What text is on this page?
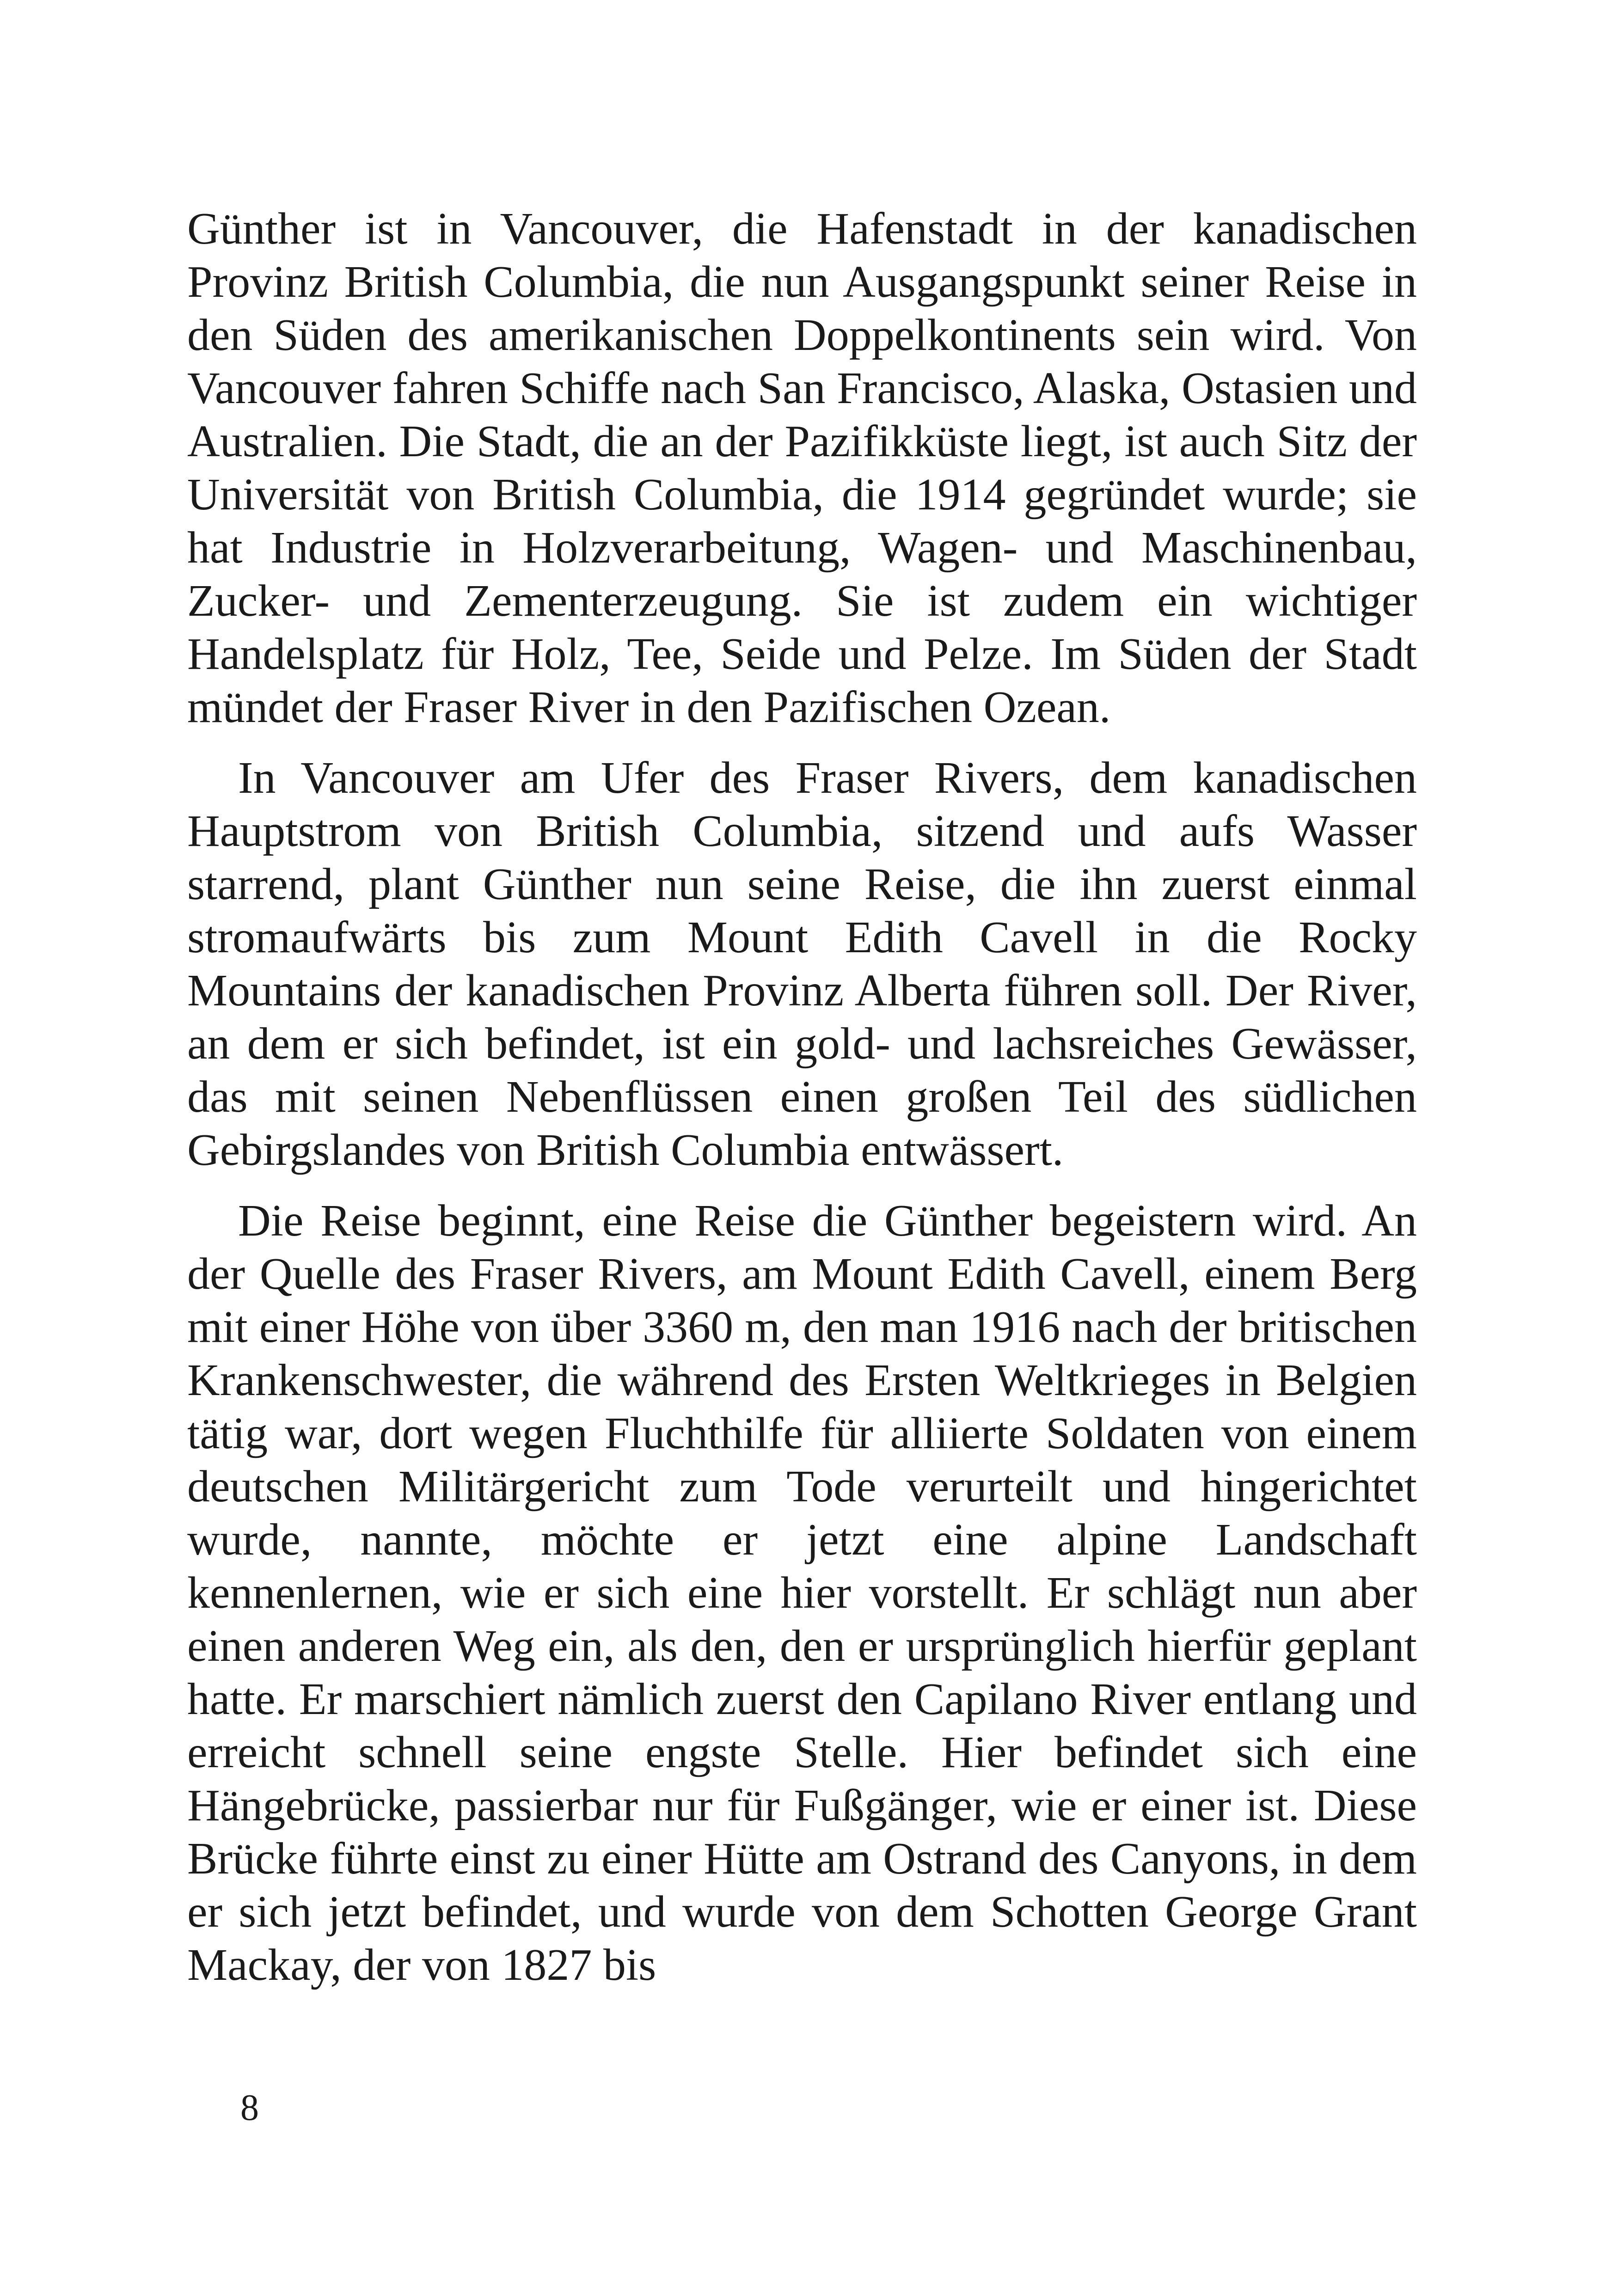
Günther ist in Vancouver, die Hafenstadt in der kanadischen Provinz British Columbia, die nun Ausgangspunkt seiner Reise in den Süden des amerikanischen Doppelkontinents sein wird. Von Vancouver fahren Schiffe nach San Francisco, Alaska, Ostasien und Australien. Die Stadt, die an der Pazifikküste liegt, ist auch Sitz der Universität von British Columbia, die 1914 gegründet wurde; sie hat Industrie in Holzverarbeitung, Wagen- und Maschinenbau, Zucker- und Zementerzeugung. Sie ist zudem ein wichtiger Handelsplatz für Holz, Tee, Seide und Pelze. Im Süden der Stadt mündet der Fraser River in den Pazifischen Ozean.

In Vancouver am Ufer des Fraser Rivers, dem kanadischen Hauptstrom von British Columbia, sitzend und aufs Wasser starrend, plant Günther nun seine Reise, die ihn zuerst einmal stromaufwärts bis zum Mount Edith Cavell in die Rocky Mountains der kanadischen Provinz Alberta führen soll. Der River, an dem er sich befindet, ist ein gold- und lachsreiches Gewässer, das mit seinen Nebenflüssen einen großen Teil des südlichen Gebirgslandes von British Columbia entwässert.

Die Reise beginnt, eine Reise die Günther begeistern wird. An der Quelle des Fraser Rivers, am Mount Edith Cavell, einem Berg mit einer Höhe von über 3360 m, den man 1916 nach der britischen Krankenschwester, die während des Ersten Weltkrieges in Belgien tätig war, dort wegen Fluchthilfe für alliierte Soldaten von einem deutschen Militärgericht zum Tode verurteilt und hingerichtet wurde, nannte, möchte er jetzt eine alpine Landschaft kennenlernen, wie er sich eine hier vorstellt. Er schlägt nun aber einen anderen Weg ein, als den, den er ursprünglich hierfür geplant hatte. Er marschiert nämlich zuerst den Capilano River entlang und erreicht schnell seine engste Stelle. Hier befindet sich eine Hängebrücke, passierbar nur für Fußgänger, wie er einer ist. Diese Brücke führte einst zu einer Hütte am Ostrand des Canyons, in dem er sich jetzt befindet, und wurde von dem Schotten George Grant Mackay, der von 1827 bis

8
